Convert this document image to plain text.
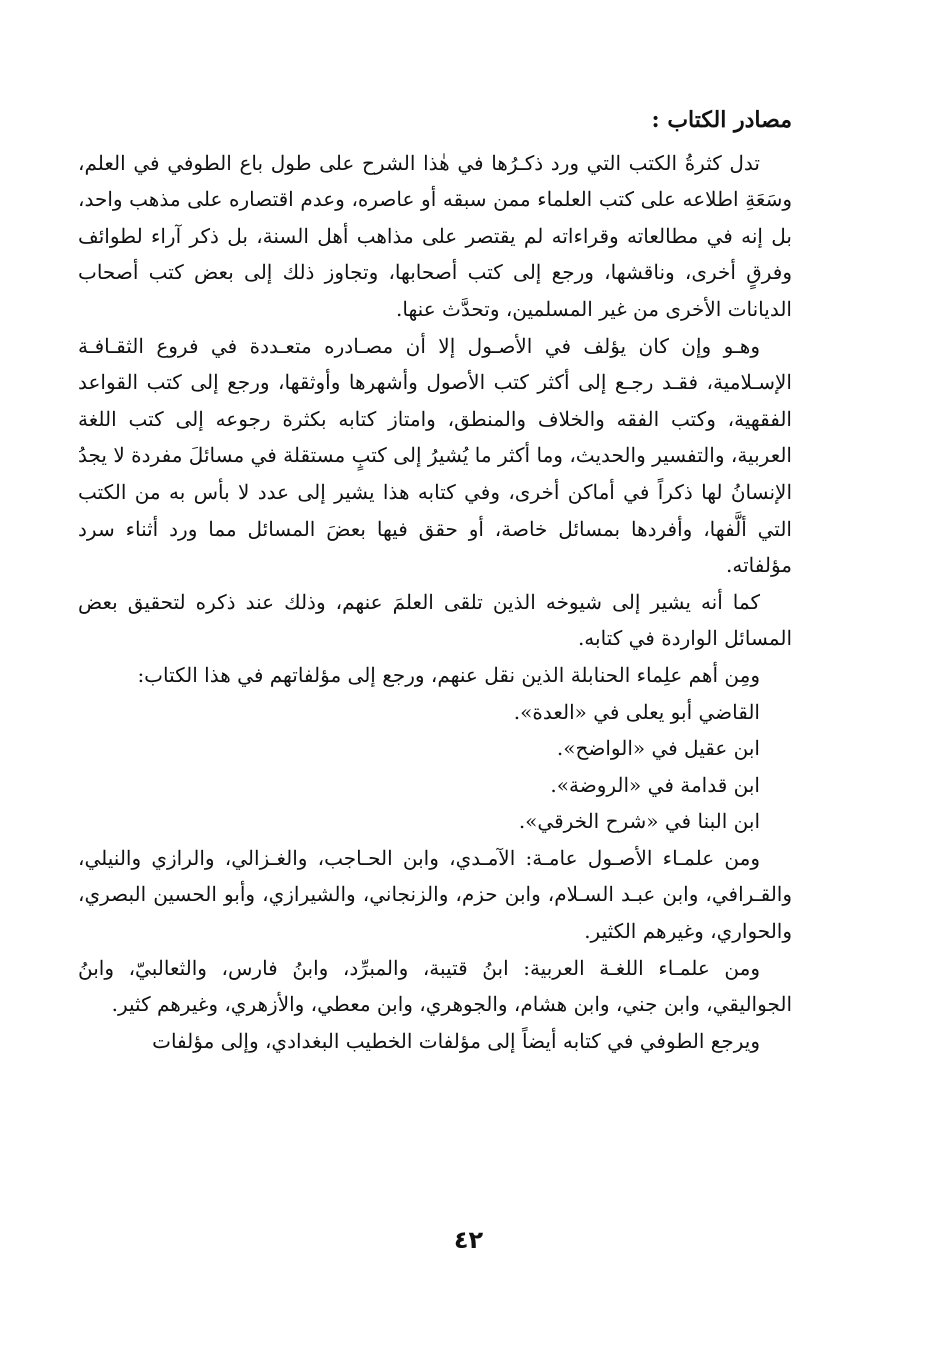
مصادر الكتاب :

تدل كثرةُ الكتب التي ورد ذكـرُها في هٰذا الشرح على طول باع الطوفي في العلم، وسَعَةِ اطلاعه على كتب العلماء ممن سبقه أو عاصره، وعدم اقتصاره على مذهب واحد، بل إنه في مطالعاته وقراءاته لم يقتصر على مذاهب أهل السنة، بل ذكر آراء لطوائف وفرقٍ أخرى، وناقشها، ورجع إلى كتب أصحابها، وتجاوز ذلك إلى بعض كتب أصحاب الديانات الأخرى من غير المسلمين، وتحدَّث عنها.

وهـو وإن كان يؤلف في الأصـول إلا أن مصـادره متعـددة في فروع الثقـافـة الإسـلامية، فقـد رجـع إلى أكثر كتب الأصول وأشهرها وأوثقها، ورجع إلى كتب القواعد الفقهية، وكتب الفقه والخلاف والمنطق، وامتاز كتابه بكثرة رجوعه إلى كتب اللغة العربية، والتفسير والحديث، وما أكثر ما يُشيرُ إلى كتبٍ مستقلة في مسائلَ مفردة لا يجدُ الإنسانُ لها ذكراً في أماكن أخرى، وفي كتابه هذا يشير إلى عدد لا بأس به من الكتب التي ألَّفها، وأفردها بمسائل خاصة، أو حقق فيها بعضَ المسائل مما ورد أثناء سرد مؤلفاته.

كما أنه يشير إلى شيوخه الذين تلقى العلمَ عنهم، وذلك عند ذكره لتحقيق بعض المسائل الواردة في كتابه.

ومِن أهم علِماء الحنابلة الذين نقل عنهم، ورجع إلى مؤلفاتهم في هذا الكتاب:

القاضي أبو يعلى في «العدة».

ابن عقيل في «الواضح».

ابن قدامة في «الروضة».

ابن البنا في «شرح الخرقي».

ومن علمـاء الأصـول عامـة: الآمـدي، وابن الحـاجب، والغـزالي، والرازي والنيلي، والقـرافي، وابن عبـد السـلام، وابن حزم، والزنجاني، والشيرازي، وأبو الحسين البصري، والحواري، وغيرهم الكثير.

ومن علمـاء اللغـة العربية: ابنُ قتيبة، والمبرِّد، وابنُ فارس، والثعالبيّ، وابنُ الجواليقي، وابن جني، وابن هشام، والجوهري، وابن معطي، والأزهري، وغيرهم كثير.

ويرجع الطوفي في كتابه أيضاً إلى مؤلفات الخطيب البغدادي، وإلى مؤلفات

٤٢
